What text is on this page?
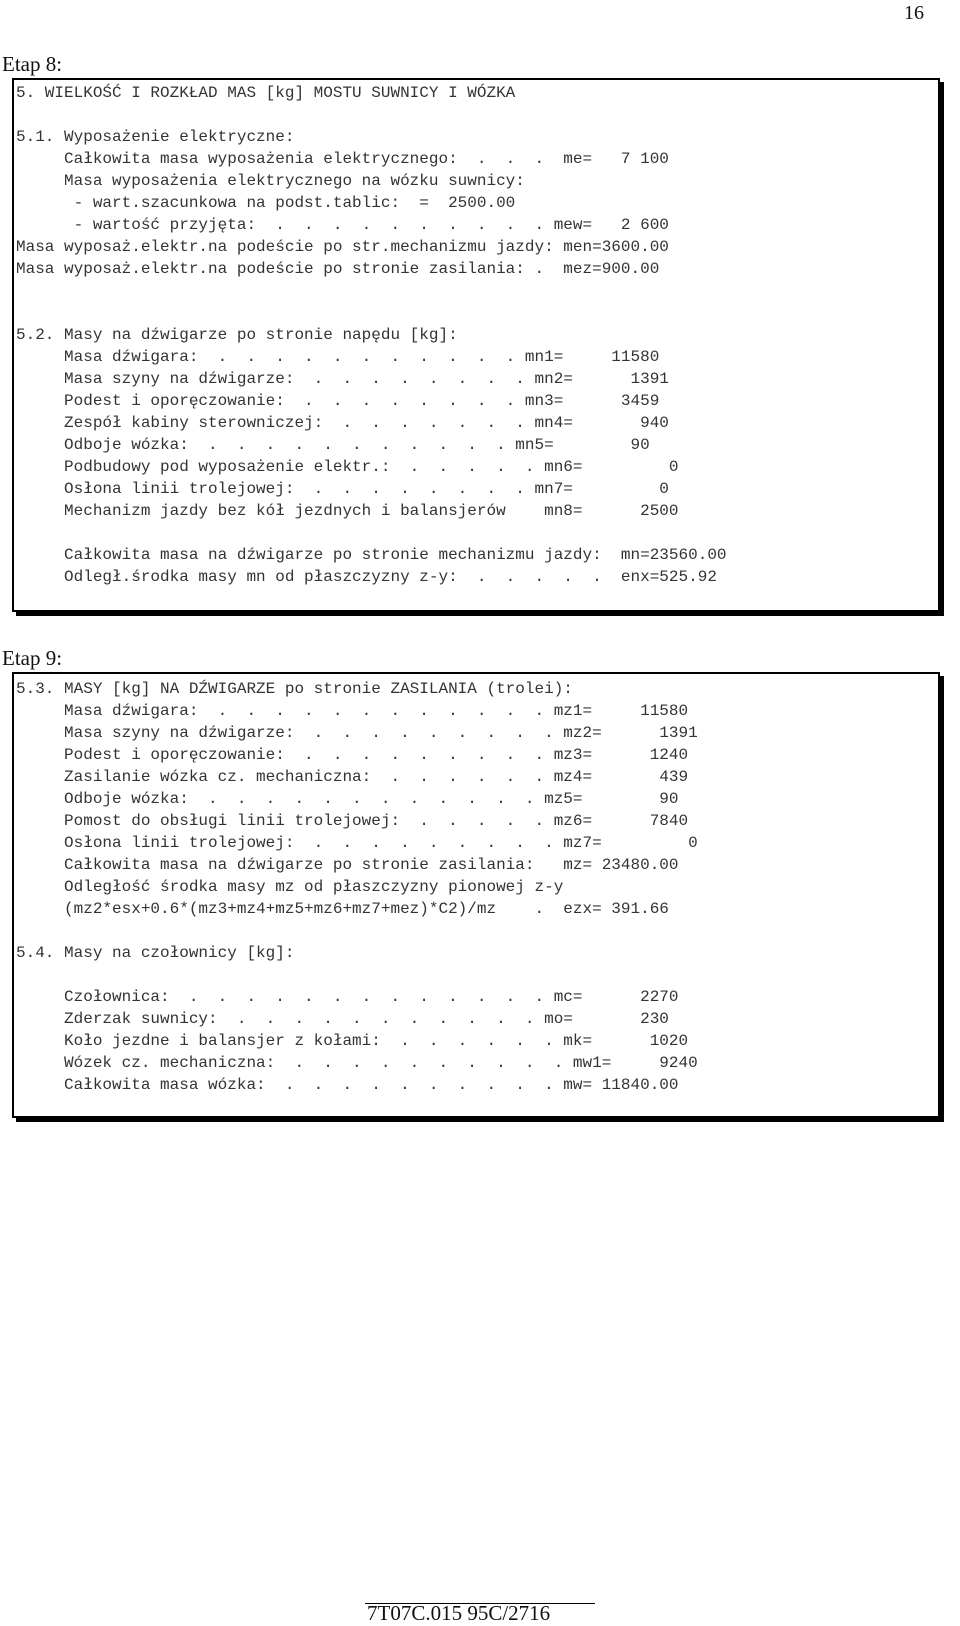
16
Etap 8:
5. WIELKOŚĆ I ROZKŁAD MAS [kg] MOSTU SUWNICY I WÓZKA
5.1. Wyposażenie elektryczne:
Całkowita masa wyposażenia elektrycznego:  .  .  .  me=   7 100
Masa wyposażenia elektrycznego na wózku suwnicy:
- wart.szacunkowa na podst.tablic:  =  2500.00
- wartość przyjęta:  .  .  .  .  .  .  .  .  .  . mew=   2 600
Masa wyposaż.elektr.na podeście po str.mechanizmu jazdy: men=3600.00
Masa wyposaż.elektr.na podeście po stronie zasilania: .  mez=900.00
5.2. Masy na dźwigarze po stronie napędu [kg]:
Masa dźwigara:  .  .  .  .  .  .  .  .  .  .  . mn1=     11580
Masa szyny na dźwigarze:  .  .  .  .  .  .  .  . mn2=      1391
Podest i oporęczowanie:  .  .  .  .  .  .  .  . mn3=      3459
Zespół kabiny sterowniczej:  .  .  .  .  .  .  . mn4=       940
Odboje wózka:  .  .  .  .  .  .  .  .  .  .  . mn5=        90
Podbudowy pod wyposażenie elektr.:  .  .  .  .  . mn6=         0
Osłona linii trolejowej:  .  .  .  .  .  .  .  . mn7=         0
Mechanizm jazdy bez kół jezdnych i balansjerów    mn8=      2500
Całkowita masa na dźwigarze po stronie mechanizmu jazdy:  mn=23560.00
Odległ.środka masy mn od płaszczyzny z-y:  .  .  .  .  .  enx=525.92
Etap 9:
5.3. MASY [kg] NA DŹWIGARZE po stronie ZASILANIA (trolei):
Masa dźwigara:  .  .  .  .  .  .  .  .  .  .  .  . mz1=     11580
Masa szyny na dźwigarze:  .  .  .  .  .  .  .  .  . mz2=      1391
Podest i oporęczowanie:  .  .  .  .  .  .  .  .  . mz3=      1240
Zasilanie wózka cz. mechaniczna:  .  .  .  .  .  . mz4=       439
Odboje wózka:  .  .  .  .  .  .  .  .  .  .  .  . mz5=        90
Pomost do obsługi linii trolejowej:  .  .  .  .  . mz6=      7840
Osłona linii trolejowej:  .  .  .  .  .  .  .  .  . mz7=         0
Całkowita masa na dźwigarze po stronie zasilania:   mz= 23480.00
Odległość środka masy mz od płaszczyzny pionowej z-y
(mz2*esx+0.6*(mz3+mz4+mz5+mz6+mz7+mez)*C2)/mz    .  ezx= 391.66
5.4. Masy na czołownicy [kg]:
Czołownica:  .  .  .  .  .  .  .  .  .  .  .  .  . mc=      2270
Zderzak suwnicy:  .  .  .  .  .  .  .  .  .  .  . mo=       230
Koło jezdne i balansjer z kołami:  .  .  .  .  .  . mk=      1020
Wózek cz. mechaniczna:  .  .  .  .  .  .  .  .  .  . mw1=     9240
Całkowita masa wózka:  .  .  .  .  .  .  .  .  .  . mw= 11840.00
7T07C.015 95C/2716
